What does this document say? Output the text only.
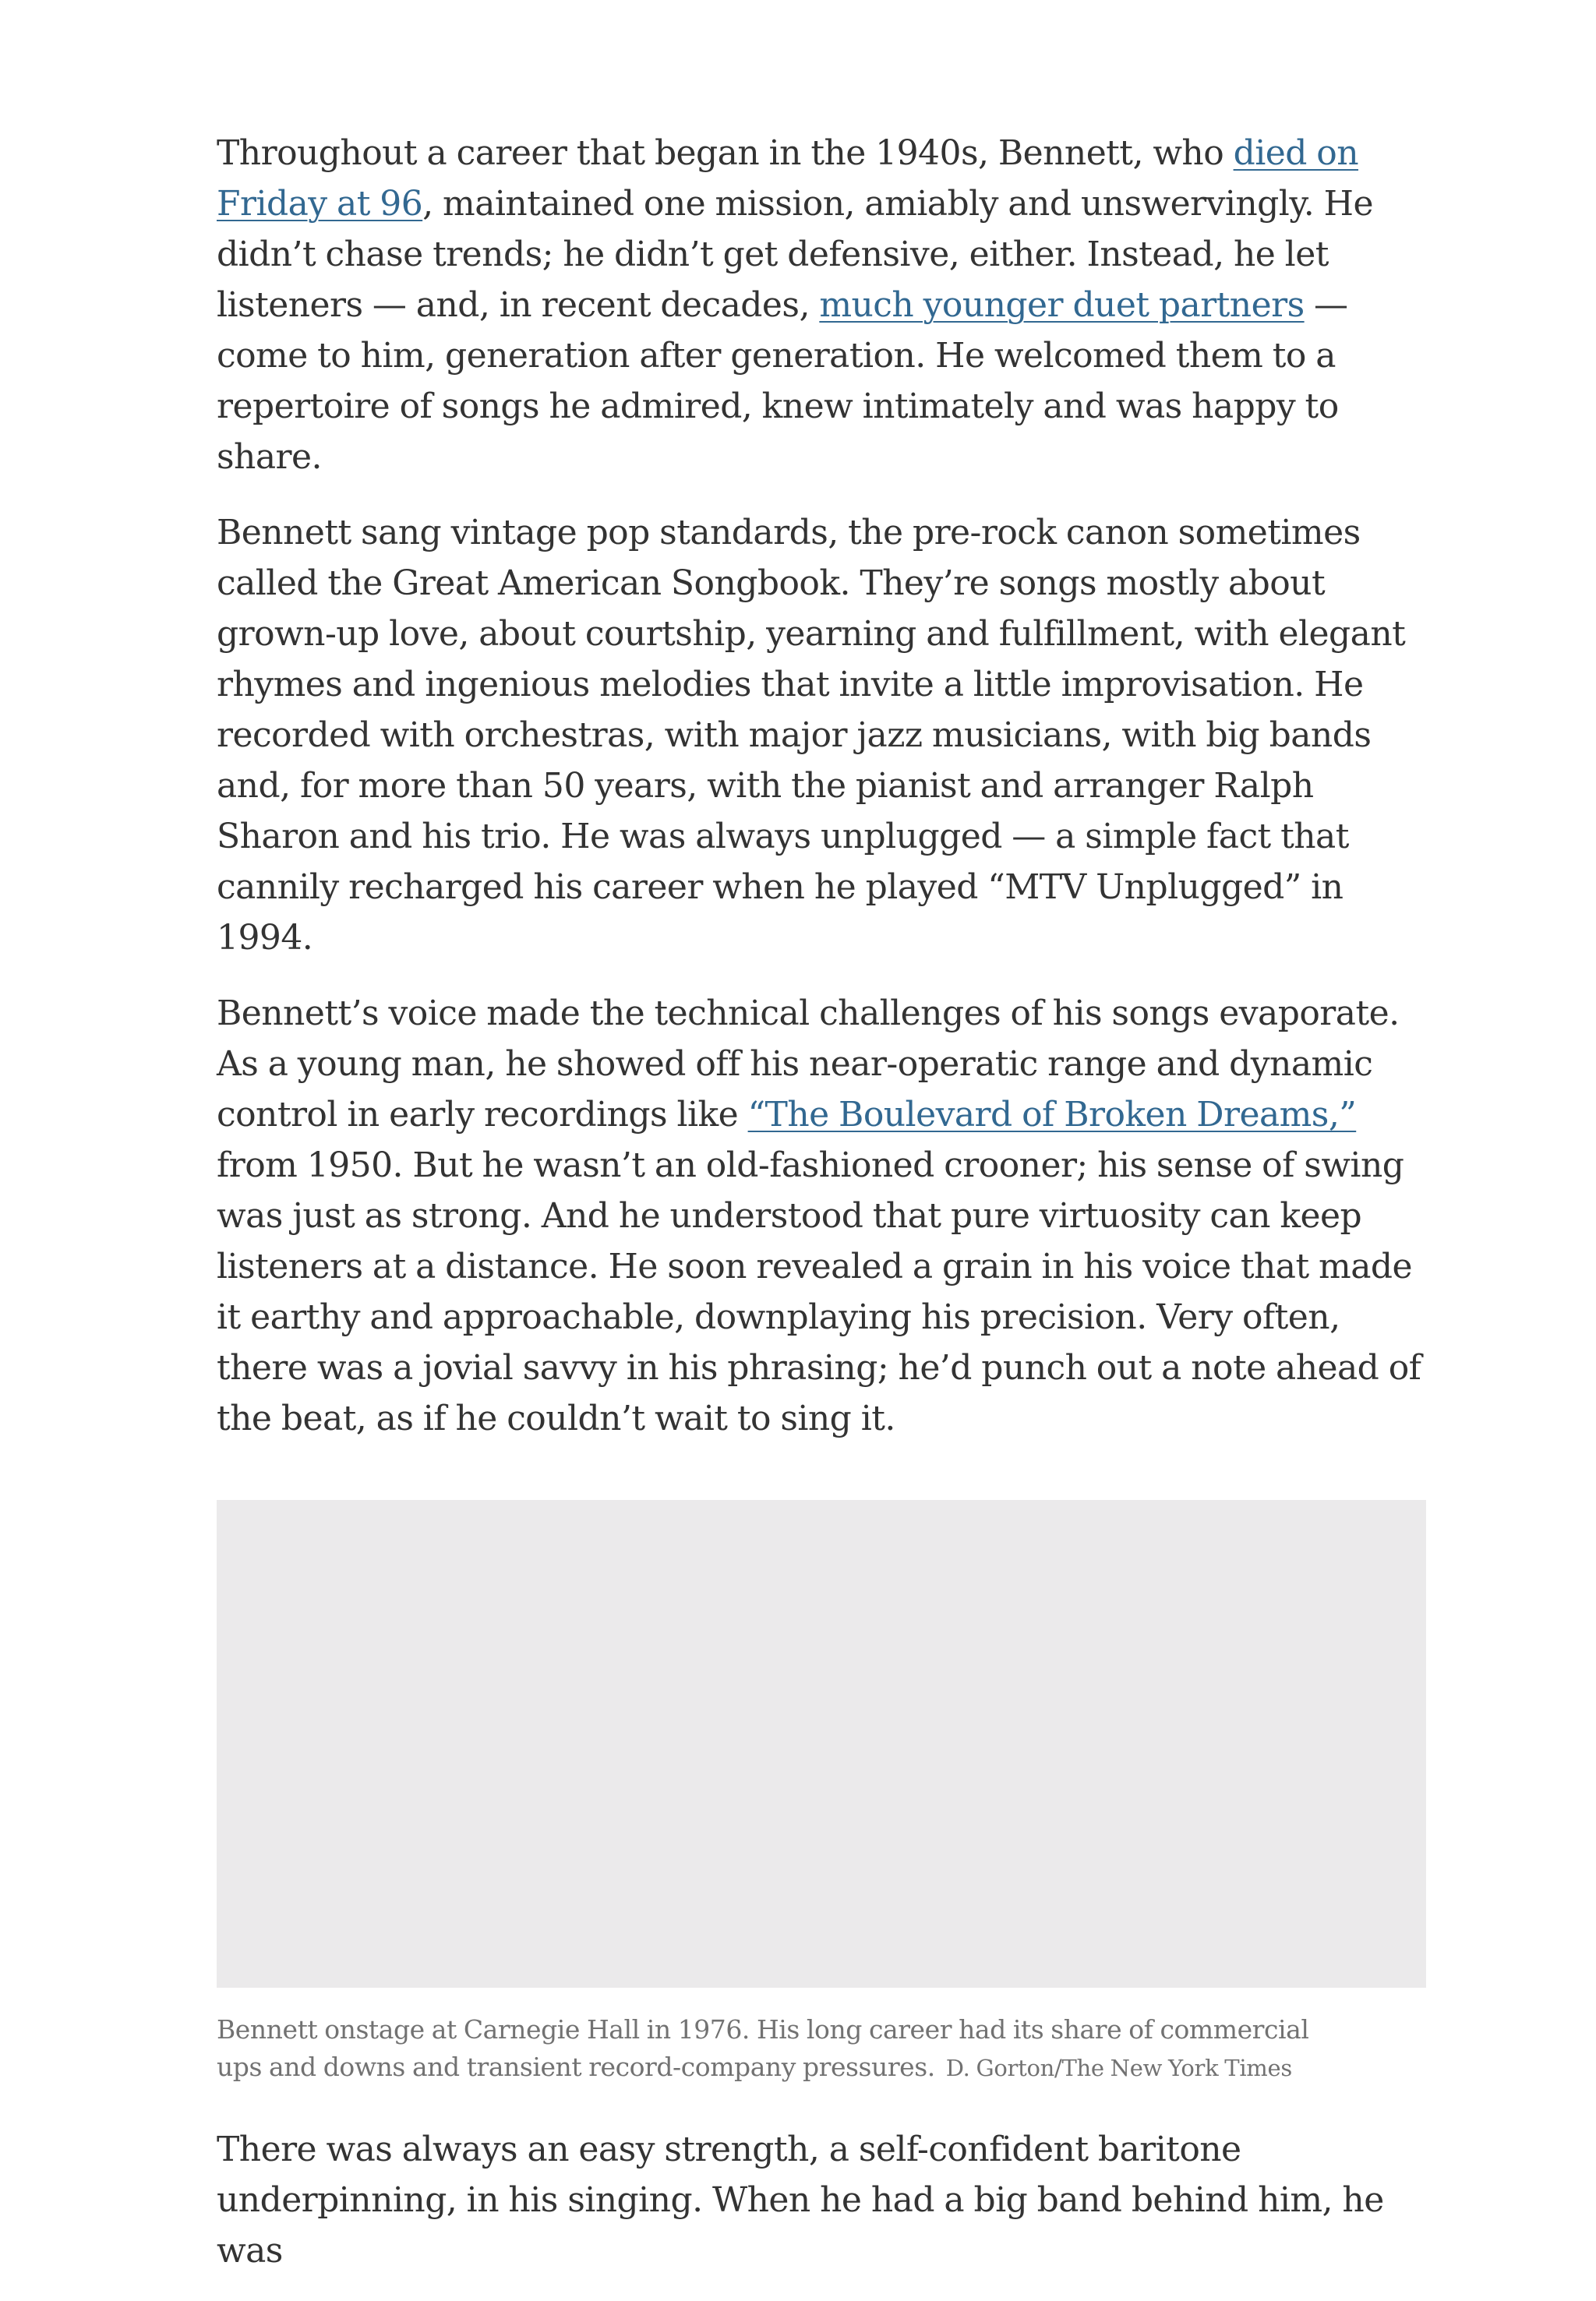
Throughout a career that began in the 1940s, Bennett, who died on Friday at 96, maintained one mission, amiably and unswervingly. He didn’t chase trends; he didn’t get defensive, either. Instead, he let listeners — and, in recent decades, much younger duet partners — come to him, generation after generation. He welcomed them to a repertoire of songs he admired, knew intimately and was happy to share.

Bennett sang vintage pop standards, the pre-rock canon sometimes called the Great American Songbook. They’re songs mostly about grown-up love, about courtship, yearning and fulfillment, with elegant rhymes and ingenious melodies that invite a little improvisation. He recorded with orchestras, with major jazz musicians, with big bands and, for more than 50 years, with the pianist and arranger Ralph Sharon and his trio. He was always unplugged — a simple fact that cannily recharged his career when he played “MTV Unplugged” in 1994.

Bennett’s voice made the technical challenges of his songs evaporate. As a young man, he showed off his near-operatic range and dynamic control in early recordings like “The Boulevard of Broken Dreams,” from 1950. But he wasn’t an old-fashioned crooner; his sense of swing was just as strong. And he understood that pure virtuosity can keep listeners at a distance. He soon revealed a grain in his voice that made it earthy and approachable, downplaying his precision. Very often, there was a jovial savvy in his phrasing; he’d punch out a note ahead of the beat, as if he couldn’t wait to sing it.

Bennett onstage at Carnegie Hall in 1976. His long career had its share of commercial ups and downs and transient record-company pressures. D. Gorton/The New York Times

There was always an easy strength, a self-confident baritone underpinning, in his singing. When he had a big band behind him, he was
